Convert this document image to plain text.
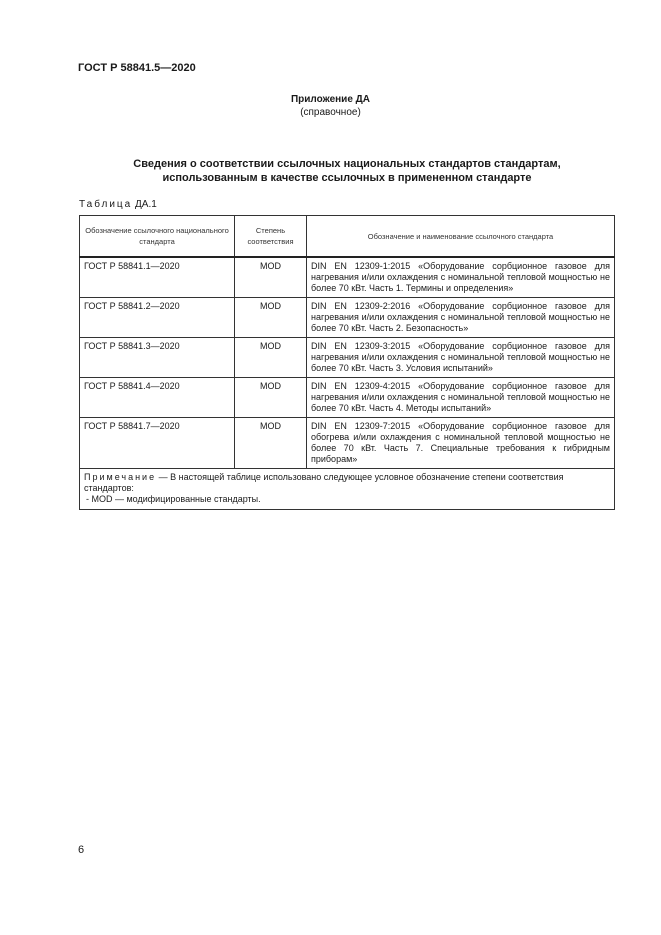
ГОСТ Р 58841.5—2020
Приложение ДА
(справочное)
Сведения о соответствии ссылочных национальных стандартов стандартам,
использованным в качестве ссылочных в примененном стандарте
Таблица ДА.1
Обозначение ссылочного национального стандарта	Степень соответствия	Обозначение и наименование ссылочного стандарта
ГОСТ Р 58841.1—2020	MOD	DIN EN 12309-1:2015 «Оборудование сорбционное газовое для нагревания и/или охлаждения с номинальной тепловой мощностью не более 70 кВт. Часть 1. Термины и определения»
ГОСТ Р 58841.2—2020	MOD	DIN EN 12309-2:2016 «Оборудование сорбционное газовое для нагревания и/или охлаждения с номинальной тепловой мощностью не более 70 кВт. Часть 2. Безопасность»
ГОСТ Р 58841.3—2020	MOD	DIN EN 12309-3:2015 «Оборудование сорбционное газовое для нагревания и/или охлаждения с номинальной тепловой мощностью не более 70 кВт. Часть 3. Условия испытаний»
ГОСТ Р 58841.4—2020	MOD	DIN EN 12309-4:2015 «Оборудование сорбционное газовое для нагревания и/или охлаждения с номинальной тепловой мощностью не более 70 кВт. Часть 4. Методы испытаний»
ГОСТ Р 58841.7—2020	MOD	DIN EN 12309-7:2015 «Оборудование сорбционное газовое для обогрева и/или охлаждения с номинальной тепловой мощностью не более 70 кВт. Часть 7. Специальные требования к гибридным приборам»

Примечание — В настоящей таблице использовано следующее условное обозначение степени соответствия стандартов:
- MOD — модифицированные стандарты.		
6
